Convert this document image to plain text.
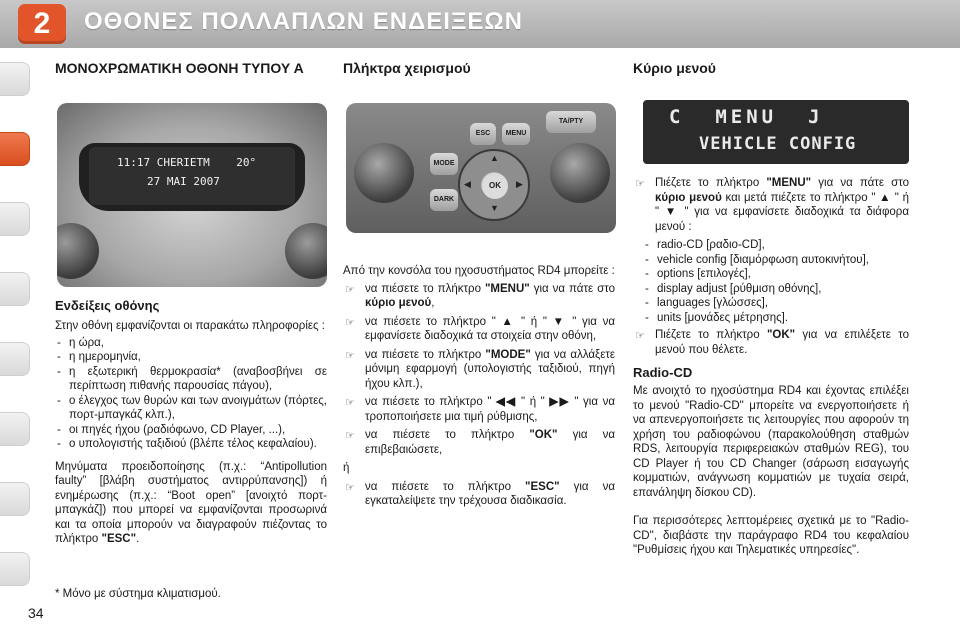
2	ΟΘΟΝΕΣ ΠΟΛΛΑΠΛΩΝ ΕΝΔΕΙΞΕΩΝ
ΜΟΝΟΧΡΩΜΑΤΙΚΗ ΟΘΟΝΗ ΤΥΠΟΥ Α
11:17 CHERIETM    20°
27 MAI 2007
Ενδείξεις οθόνης

Στην οθόνη εμφανίζονται οι παρακάτω πληροφορίες :

- η ώρα,
- η ημερομηνία,
- η εξωτερική θερμοκρασία* (αναβοσβήνει σε περίπτωση πιθανής παρουσίας πάγου),
- ο έλεγχος των θυρών και των ανοιγμάτων (πόρτες, πορτ-μπαγκάζ κλπ.),
- οι πηγές ήχου (ραδιόφωνο, CD Player, ...),
- ο υπολογιστής ταξιδιού (βλέπε τέλος κεφαλαίου).

Μηνύματα προειδοποίησης (π.χ.: “Antipollution faulty” [βλάβη συστήματος αντιρρύπανσης]) ή ενημέρωσης (π.χ.: “Boot open” [ανοιχτό πορτ-μπαγκάζ]) που μπορεί να εμφανίζονται προσωρινά και τα οποία μπορούν να διαγραφούν πιέζοντας το πλήκτρο "ESC".

Πλήκτρα χειρισμού
TA/PTY
MODE
DARK
ESC	MENU
OK
▲
▼
◀	▶

Από την κονσόλα του ηχοσυστήματος RD4 μπορείτε :

☞ να πιέσετε το πλήκτρο "MENU" για να πάτε στο κύριο μενού,
☞ να πιέσετε το πλήκτρο " ▲ " ή " ▼ " για να εμφανίσετε διαδοχικά τα στοιχεία στην οθόνη,
☞ να πιέσετε το πλήκτρο "MODE" για να αλλάξετε μόνιμη εφαρμογή (υπολογιστής ταξιδιού, πηγή ήχου κλπ.),
☞ να πιέσετε το πλήκτρο " ◀◀ " ή " ▶▶ " για να τροποποιήσετε μια τιμή ρύθμισης,
☞ να πιέσετε το πλήκτρο "OK" για να επιβεβαιώσετε,

ή

☞ να πιέσετε το πλήκτρο "ESC" για να εγκαταλείψετε την τρέχουσα διαδικασία.
Κύριο μενού
C  MENU  J
VEHICLE CONFIG
☞ Πιέζετε το πλήκτρο "MENU" για να πάτε στο κύριο μενού και μετά πιέζετε το πλήκτρο " ▲ " ή " ▼ " για να εμφανίσετε διαδοχικά τα διάφορα μενού :
- radio-CD [ραδιο-CD],
- vehicle config [διαμόρφωση αυτοκινήτου],
- options [επιλογές],
- display adjust [ρύθμιση οθόνης],
- languages [γλώσσες],
- units [μονάδες μέτρησης].
☞ Πιέζετε το πλήκτρο "OK" για να επιλέξετε το μενού που θέλετε.
Radio-CD

Με ανοιχτό το ηχοσύστημα RD4 και έχοντας επιλέξει το μενού "Radio-CD" μπορείτε να ενεργοποιήσετε ή να απενεργοποιήσετε τις λειτουργίες που αφορούν τη χρήση του ραδιοφώνου (παρακολούθηση σταθμών RDS, λειτουργία περιφερειακών σταθμών REG), του CD Player ή του CD Changer (σάρωση εισαγωγής κομματιών, ανάγνωση κομματιών με τυχαία σειρά, επανάληψη δίσκου CD).

Για περισσότερες λεπτομέρειες σχετικά με το "Radio-CD", διαβάστε την παράγραφο RD4 του κεφαλαίου "Ρυθμίσεις ήχου και Τηλεματικές υπηρεσίες".

* Μόνο με σύστημα κλιματισμού.
34
